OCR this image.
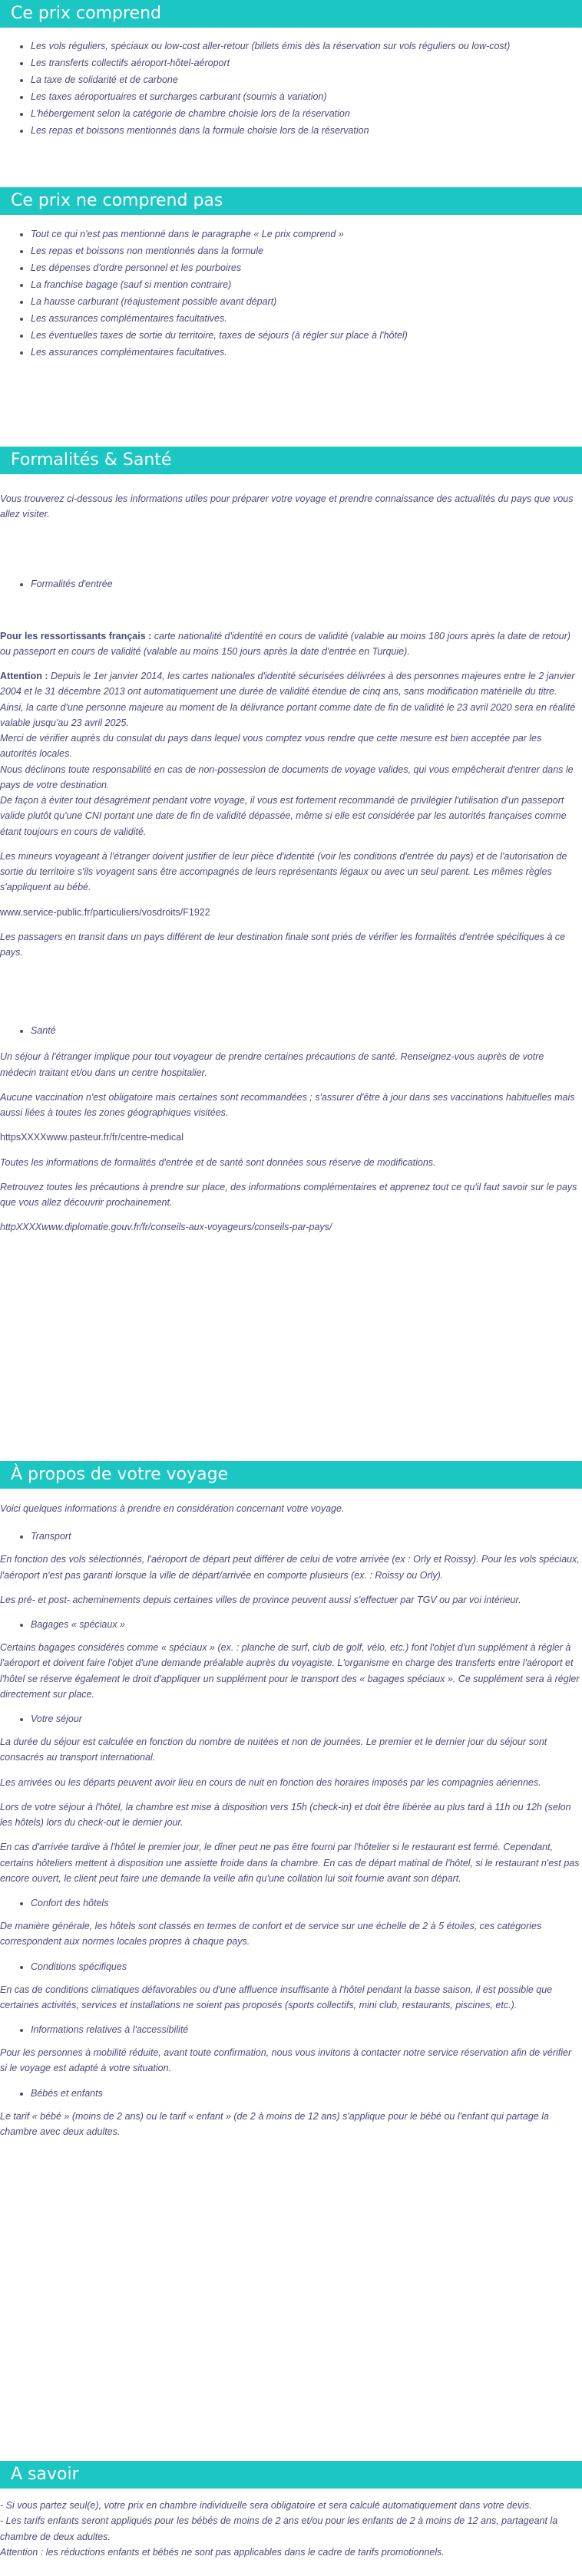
Ce prix comprend
• Les vols réguliers, spéciaux ou low-cost aller-retour (billets émis dès la réservation sur vols réguliers ou low-cost)
• Les transferts collectifs aéroport-hôtel-aéroport
• La taxe de solidarité et de carbone
• Les taxes aéroportuaires et surcharges carburant (soumis à variation)
• L'hébergement selon la catégorie de chambre choisie lors de la réservation
• Les repas et boissons mentionnés dans la formule choisie lors de la réservation
Ce prix ne comprend pas
• Tout ce qui n'est pas mentionné dans le paragraphe « Le prix comprend »
• Les repas et boissons non mentionnés dans la formule
• Les dépenses d'ordre personnel et les pourboires
• La franchise bagage (sauf si mention contraire)
• La hausse carburant (réajustement possible avant départ)
• Les assurances complémentaires facultatives.
• Les éventuelles taxes de sortie du territoire, taxes de séjours (à régler sur place à l'hôtel)
• Les assurances complémentaires facultatives.
Formalités & Santé

Vous trouverez ci-dessous les informations utiles pour préparer votre voyage et prendre connaissance des actualités du pays que vous allez visiter.

• Formalités d'entrée

Pour les ressortissants français : carte nationalité d'identité en cours de validité (valable au moins 180 jours après la date de retour) ou passeport en cours de validité (valable au moins 150 jours après la date d'entrée en Turquie).

Attention : Depuis le 1er janvier 2014, les cartes nationales d'identité sécurisées délivrées à des personnes majeures entre le 2 janvier 2004 et le 31 décembre 2013 ont automatiquement une durée de validité étendue de cinq ans, sans modification matérielle du titre. Ainsi, la carte d'une personne majeure au moment de la délivrance portant comme date de fin de validité le 23 avril 2020 sera en réalité valable jusqu'au 23 avril 2025.

Merci de vérifier auprès du consulat du pays dans lequel vous comptez vous rendre que cette mesure est bien acceptée par les autorités locales.

Nous déclinons toute responsabilité en cas de non-possession de documents de voyage valides, qui vous empêcherait d'entrer dans le pays de votre destination.

De façon à éviter tout désagrément pendant votre voyage, il vous est fortement recommandé de privilégier l'utilisation d'un passeport valide plutôt qu'une CNI portant une date de fin de validité dépassée, même si elle est considérée par les autorités françaises comme étant toujours en cours de validité.

Les mineurs voyageant à l'étranger doivent justifier de leur pièce d'identité (voir les conditions d'entrée du pays) et de l'autorisation de sortie du territoire s'ils voyagent sans être accompagnés de leurs représentants légaux ou avec un seul parent. Les mêmes règles s'appliquent au bébé.

www.service-public.fr/particuliers/vosdroits/F1922

Les passagers en transit dans un pays différent de leur destination finale sont priés de vérifier les formalités d'entrée spécifiques à ce pays.

• Santé

Un séjour à l'étranger implique pour tout voyageur de prendre certaines précautions de santé. Renseignez-vous auprès de votre médecin traitant et/ou dans un centre hospitalier.

Aucune vaccination n'est obligatoire mais certaines sont recommandées ; s'assurer d'être à jour dans ses vaccinations habituelles mais aussi liées à toutes les zones géographiques visitées.

httpsXXXXwww.pasteur.fr/fr/centre-medical

Toutes les informations de formalités d'entrée et de santé sont données sous réserve de modifications.

Retrouvez toutes les précautions à prendre sur place, des informations complémentaires et apprenez tout ce qu'il faut savoir sur le pays que vous allez découvrir prochainement.

httpXXXXwww.diplomatie.gouv.fr/fr/conseils-aux-voyageurs/conseils-par-pays/

À propos de votre voyage

Voici quelques informations à prendre en considération concernant votre voyage.

• Transport

En fonction des vols sélectionnés, l'aéroport de départ peut différer de celui de votre arrivée (ex : Orly et Roissy). Pour les vols spéciaux, l'aéroport n'est pas garanti lorsque la ville de départ/arrivée en comporte plusieurs (ex. : Roissy ou Orly).

Les pré- et post- acheminements depuis certaines villes de province peuvent aussi s'effectuer par TGV ou par voi intérieur.

• Bagages « spéciaux »

Certains bagages considérés comme « spéciaux » (ex. : planche de surf, club de golf, vélo, etc.) font l'objet d'un supplément à régler à l'aéroport et doivent faire l'objet d'une demande préalable auprès du voyagiste. L'organisme en charge des transferts entre l'aéroport et l'hôtel se réserve également le droit d'appliquer un supplément pour le transport des « bagages spéciaux ». Ce supplément sera à régler directement sur place.

• Votre séjour

La durée du séjour est calculée en fonction du nombre de nuitées et non de journées. Le premier et le dernier jour du séjour sont consacrés au transport international.

Les arrivées ou les départs peuvent avoir lieu en cours de nuit en fonction des horaires imposés par les compagnies aériennes.

Lors de votre séjour à l'hôtel, la chambre est mise à disposition vers 15h (check-in) et doit être libérée au plus tard à 11h ou 12h (selon les hôtels) lors du check-out le dernier jour.

En cas d'arrivée tardive à l'hôtel le premier jour, le dîner peut ne pas être fourni par l'hôtelier si le restaurant est fermé. Cependant, certains hôteliers mettent à disposition une assiette froide dans la chambre. En cas de départ matinal de l'hôtel, si le restaurant n'est pas encore ouvert, le client peut faire une demande la veille afin qu'une collation lui soit fournie avant son départ.

• Confort des hôtels

De manière générale, les hôtels sont classés en termes de confort et de service sur une échelle de 2 à 5 étoiles, ces catégories correspondent aux normes locales propres à chaque pays.

• Conditions spécifiques

En cas de conditions climatiques défavorables ou d'une affluence insuffisante à l'hôtel pendant la basse saison, il est possible que certaines activités, services et installations ne soient pas proposés (sports collectifs, mini club, restaurants, piscines, etc.).

• Informations relatives à l'accessibilité

Pour les personnes à mobilité réduite, avant toute confirmation, nous vous invitons à contacter notre service réservation afin de vérifier si le voyage est adapté à votre situation.

• Bébés et enfants

Le tarif « bébé » (moins de 2 ans) ou le tarif « enfant » (de 2 à moins de 12 ans) s'applique pour le bébé ou l'enfant qui partage la chambre avec deux adultes.

A savoir

- Si vous partez seul(e), votre prix en chambre individuelle sera obligatoire et sera calculé automatiquement dans votre devis.

- Les tarifs enfants seront appliqués pour les bébés de moins de 2 ans et/ou pour les enfants de 2 à moins de 12 ans, partageant la chambre de deux adultes.

Attention : les réductions enfants et bébés ne sont pas applicables dans le cadre de tarifs promotionnels.
